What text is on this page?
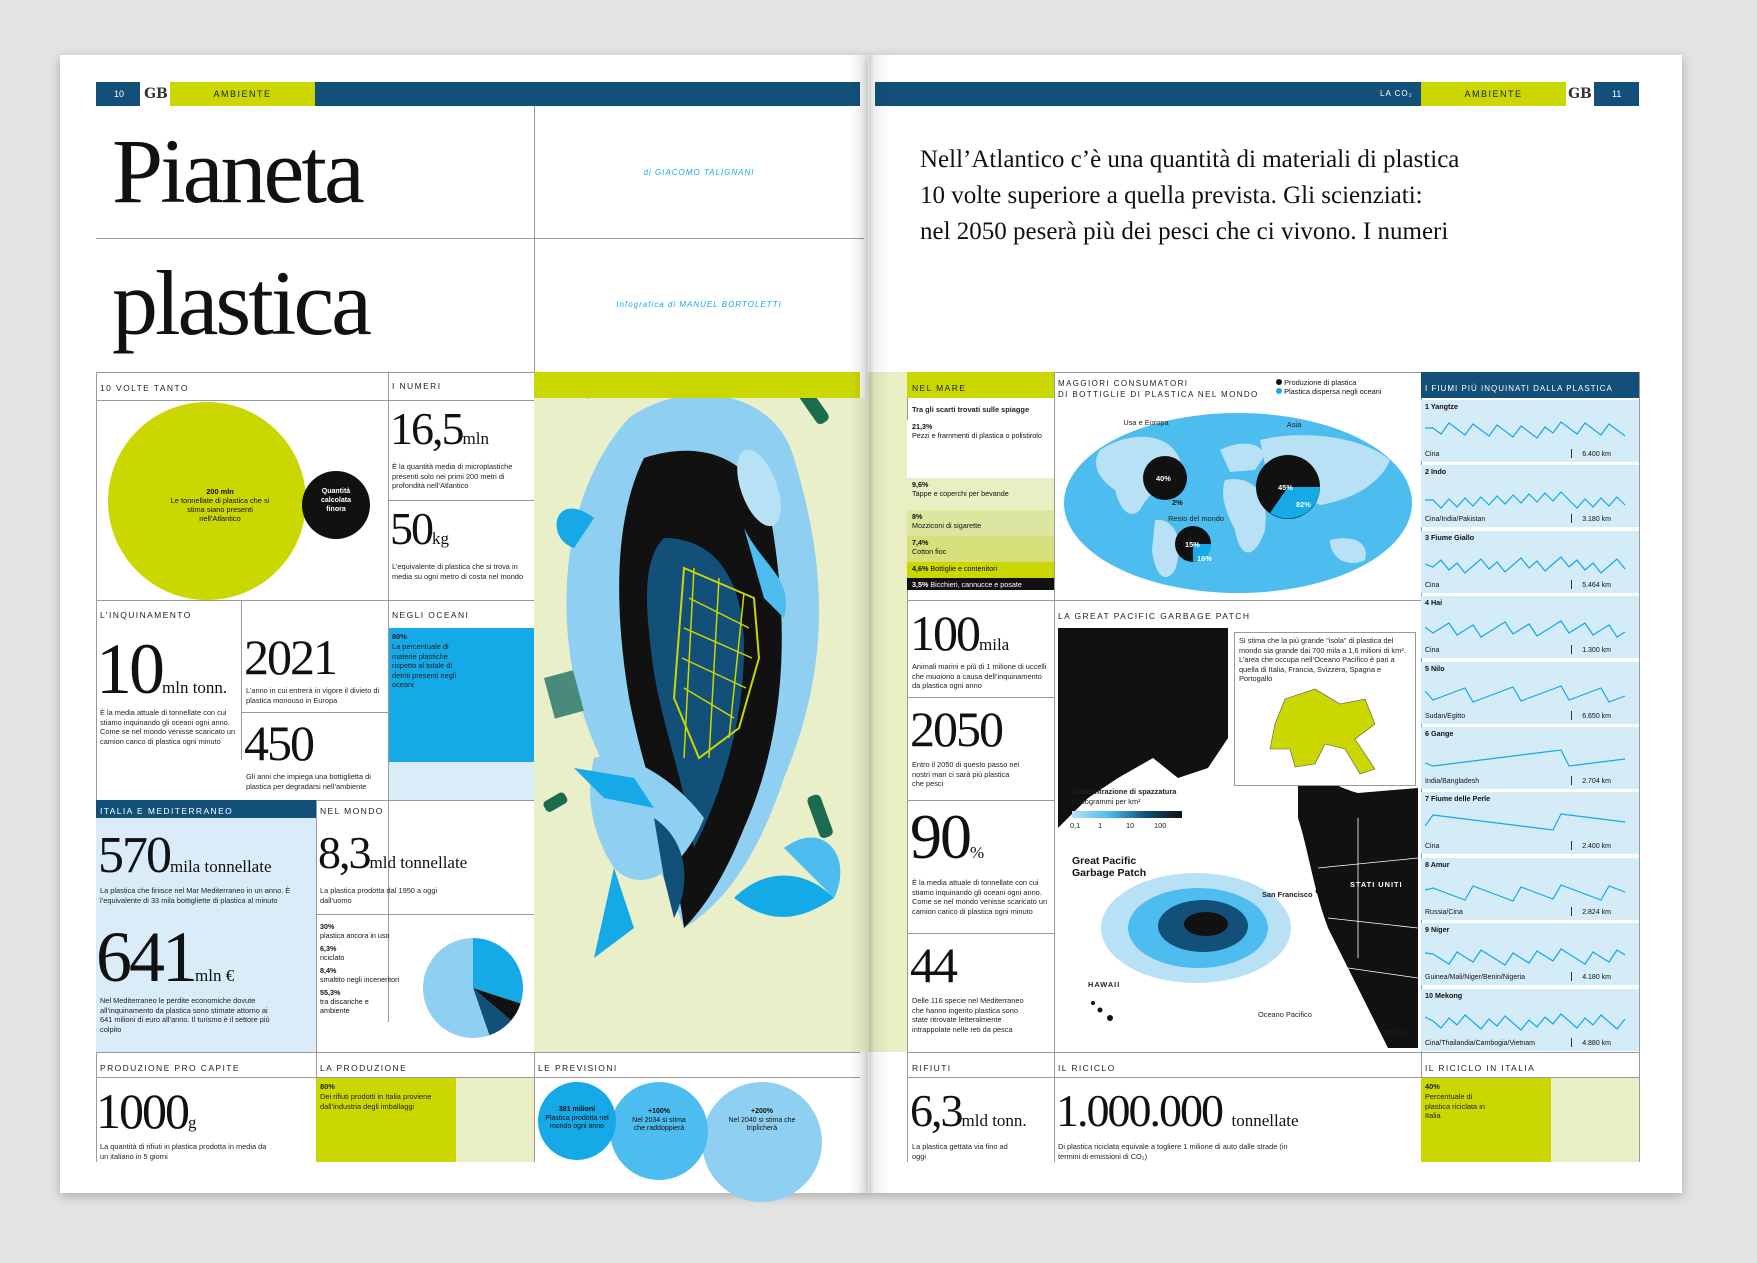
10 GB	AMBIENTE	LA CO₂	AMBIENTE	GB 11
Pianeta
plastica
di GIACOMO TALIGNANI
Infografica di MANUEL BORTOLETTI
Nell’Atlantico c’è una quantità di materiali di plastica
10 volte superiore a quella prevista. Gli scienziati:
nel 2050 peserà più dei pesci che ci vivono. I numeri
10 VOLTE TANTO
200 mln
Le tonnellate di plastica che si stima siano presenti nell’Atlantico
Quantità calcolata finora
I NUMERI
16,5mln
È la quantità media di microplastiche presenti solo nei primi 200 metri di profondità nell’Atlantico
50kg
L’equivalente di plastica che si trova in media su ogni metro di costa nel mondo
L’INQUINAMENTO
10mln tonn.
È la media attuale di tonnellate con cui stiamo inquinando gli oceani ogni anno. Come se nel mondo venisse scaricato un camion carico di plastica ogni minuto
2021
L’anno in cui entrerà in vigore il divieto di plastica monouso in Europa
450
Gli anni che impiega una bottiglietta di plastica per degradarsi nell’ambiente
NEGLI OCEANI
80%
La percentuale di materie plastiche rispetto al totale di detriti presenti negli oceani
ITALIA E MEDITERRANEO
570mila tonnellate
La plastica che finisce nel Mar Mediterraneo in un anno. È l’equivalente di 33 mila bottigliette di plastica al minuto
641mln €
Nel Mediterraneo le perdite economiche dovute all’inquinamento da plastica sono stimate attorno ai 641 milioni di euro all’anno. Il turismo è il settore più colpito
NEL MONDO
8,3mld tonnellate
La plastica prodotta dal 1950 a oggi dall’uomo
30%
plastica ancora in uso
6,3%
riciclato
8,4%
smaltito negli inceneritori
55,3%
tra discariche e ambiente
PRODUZIONE PRO CAPITE
1000g
La quantità di rifiuti in plastica prodotta in media da un italiano in 5 giorni
LA PRODUZIONE
80%
Dei rifiuti prodotti in Italia proviene dall’industria degli imballaggi
LE PREVISIONI
+200%
Nel 2040 si stima che triplicherà
+100%
Nel 2034 si stima che raddoppierà
381 milioni
Plastica prodotta nel mondo ogni anno
NEL MARE
Tra gli scarti trovati sulle spiagge
21,3%
Pezzi e frammenti di plastica o polistirolo
9,6%
Tappe e coperchi per bevande
8%
Mozziconi di sigarette
7,4%
Cotton fioc
4,6% Bottiglie e contenitori
3,5% Bicchieri, cannucce e posate
100mila
Animali marini e più di 1 milione di uccelli che muoiono a causa dell’inquinamento da plastica ogni anno
2050
Entro il 2050 di questo passo nei nostri mari ci sarà più plastica che pesci
90%
È la media attuale di tonnellate con cui stiamo inquinando gli oceani ogni anno. Come se nel mondo venisse scaricato un camion carico di plastica ogni minuto
44
Delle 116 specie nel Mediterraneo che hanno ingerito plastica sono state ritrovate letteralmente intrappolate nelle reti da pesca
MAGGIORI CONSUMATORI
DI BOTTIGLIE DI PLASTICA NEL MONDO
Produzione di plastica
Plastica dispersa negli oceani
Usa e Europa
40%
2%
Asia
45%
82%
Resto del mondo
15%
16%
LA GREAT PACIFIC GARBAGE PATCH
Si stima che la più grande "isola" di plastica del mondo sia grande dai 700 mila a 1,6 milioni di km². L’area che occupa nell’Oceano Pacifico è pari a quella di Italia, Francia, Svizzera, Spagna e Portogallo
Concentrazione di spazzatura
Chilogrammi per km²
0,1 1	10	100
Great Pacific Garbage Patch
San Francisco
STATI UNITI
HAWAII
Oceano Pacifico
300 km
I FIUMI PIÙ INQUINATI DALLA PLASTICA
1 Yangtze
Cina	6.400 km
2 Indo
Cina/India/Pakistan	3.180 km
3 Fiume Giallo
Cina	5.464 km
4 Hai
Cina	1.300 km
5 Nilo
Sudan/Egitto	6.650 km
6 Gange
India/Bangladesh	2.704 km
7 Fiume delle Perle
Cina	2.400 km
8 Amur
Russia/Cina	2.824 km
9 Niger
Guinea/Mali/Niger/Benin/Nigeria	4.180 km
10 Mekong
Cina/Thailandia/Cambogia/Vietnam	4.880 km
RIFIUTI
6,3mld tonn.
La plastica gettata via fino ad oggi
IL RICICLO
1.000.000 tonnellate
Di plastica riciclata equivale a togliere 1 milione di auto dalle strade (in termini di emissioni di CO₂)
IL RICICLO IN ITALIA
40%
Percentuale di plastica riciclata in Italia
